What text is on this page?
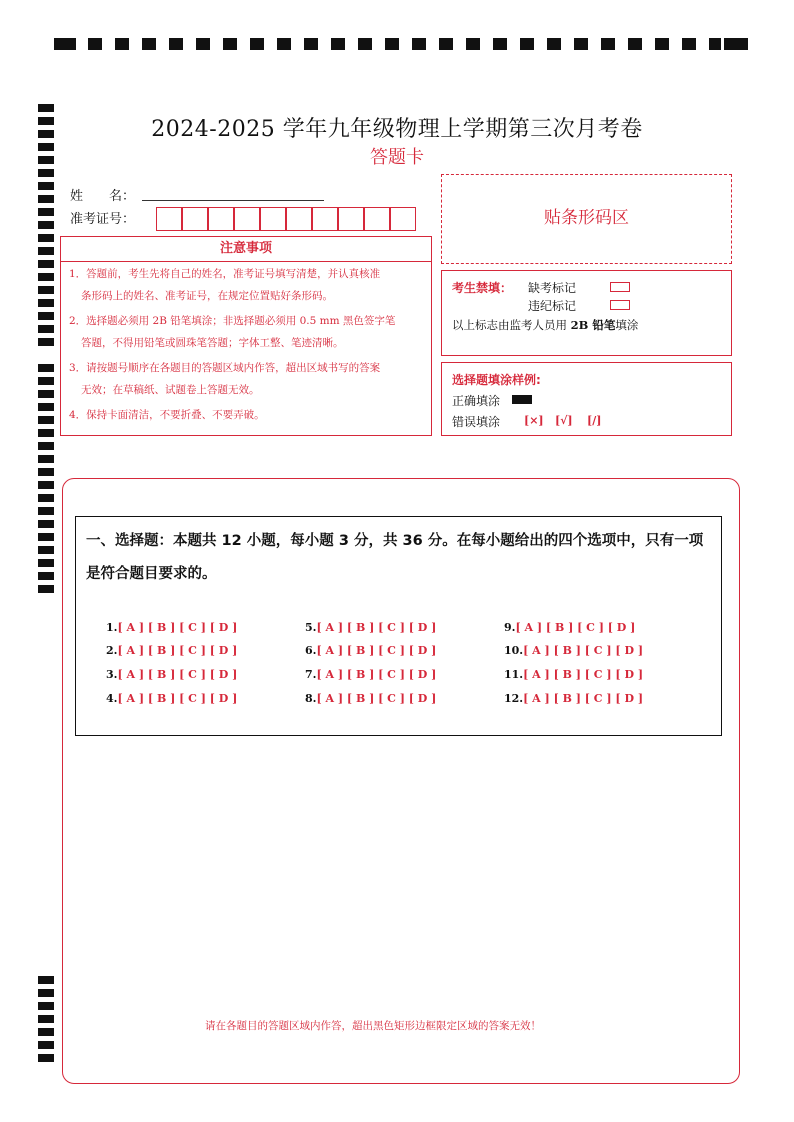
2024-2025 学年九年级物理上学期第三次月考卷
答题卡
姓　　名：
准考证号：	贴条形码区
注意事项
1．答题前，考生先将自己的姓名，准考证号填写清楚，并认真核准
条形码上的姓名、准考证号，在规定位置贴好条形码。
2．选择题必须用 2B 铅笔填涂；非选择题必须用 0.5 mm 黑色签字笔
答题，不得用铅笔或圆珠笔答题；字体工整、笔迹清晰。
3．请按题号顺序在各题目的答题区域内作答，超出区域书写的答案
无效；在草稿纸、试题卷上答题无效。
4．保持卡面清洁，不要折叠、不要弄破。
考生禁填： 缺考标记
违纪标记
以上标志由监考人员用 2B 铅笔填涂
选择题填涂样例:
正确填涂
错误填涂 [×] [√] [/]
一、选择题：本题共 12 小题，每小题 3 分，共 36 分。在每小题给出的四个选项中，只有一项是符合题目要求的。
1.[ A ] [ B ] [ C ] [ D ]
2.[ A ] [ B ] [ C ] [ D ]
3.[ A ] [ B ] [ C ] [ D ]
4.[ A ] [ B ] [ C ] [ D ]
5.[ A ] [ B ] [ C ] [ D ]
6.[ A ] [ B ] [ C ] [ D ]
7.[ A ] [ B ] [ C ] [ D ]
8.[ A ] [ B ] [ C ] [ D ]
9.[ A ] [ B ] [ C ] [ D ]
10.[ A ] [ B ] [ C ] [ D ]
11.[ A ] [ B ] [ C ] [ D ]
12.[ A ] [ B ] [ C ] [ D ]
请在各题目的答题区域内作答，超出黑色矩形边框限定区域的答案无效！
